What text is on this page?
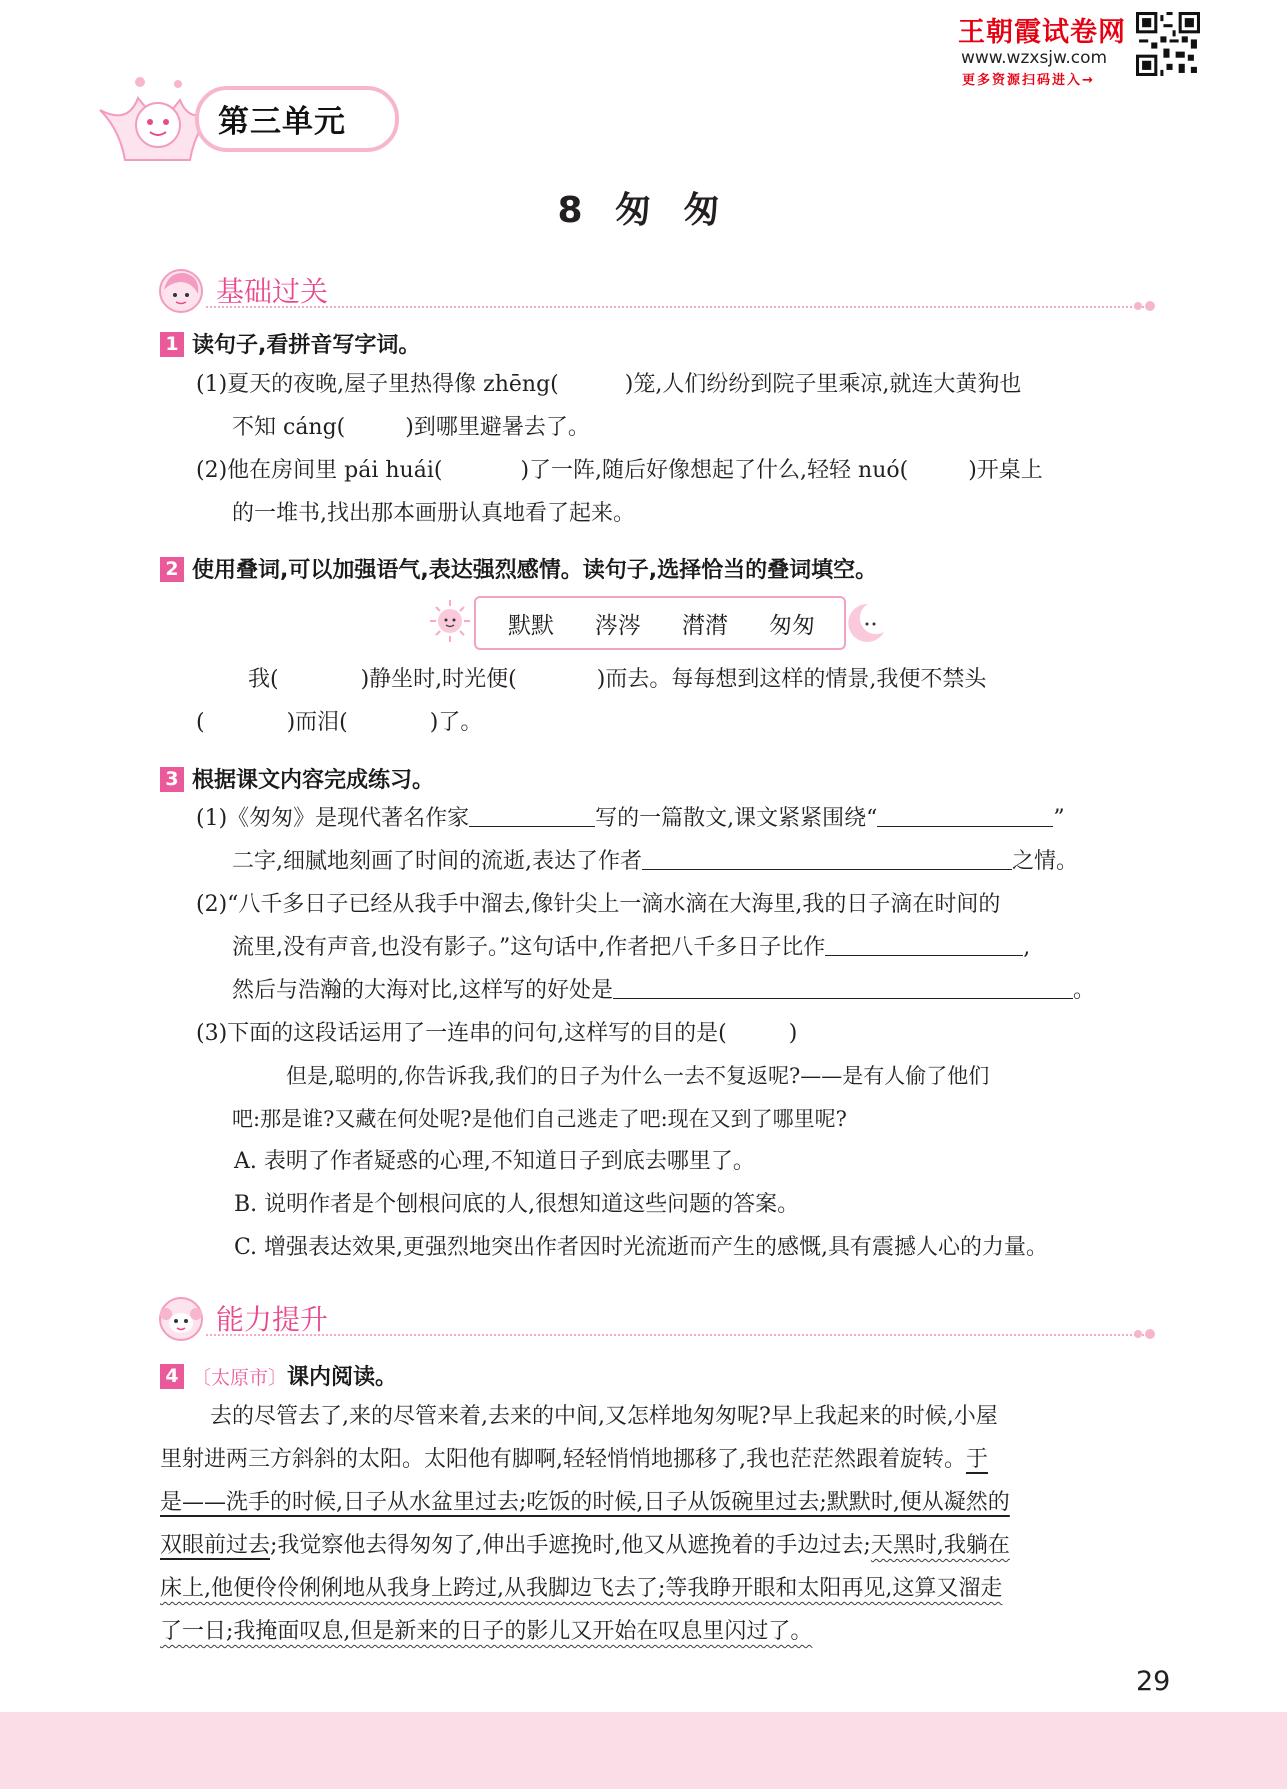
王朝霞试卷网
www.wzxsjw.com
更多资源扫码进入→
第三单元
8 匆 匆
基础过关
1 读句子,看拼音写字词。
(1)夏天的夜晚,屋子里热得像 zhēng(	)笼,人们纷纷到院子里乘凉,就连大黄狗也
不知 cáng(	)到哪里避暑去了。
(2)他在房间里 pái huái(	)了一阵,随后好像想起了什么,轻轻 nuó(	)开桌上
的一堆书,找出那本画册认真地看了起来。
2 使用叠词,可以加强语气,表达强烈感情。读句子,选择恰当的叠词填空。
默默 涔涔 潸潸 匆匆
我(	)静坐时,时光便(	)而去。每每想到这样的情景,我便不禁头
(	)而泪(	)了。
3 根据课文内容完成练习。
(1)《匆匆》是现代著名作家	写的一篇散文,课文紧紧围绕“	”
二字,细腻地刻画了时间的流逝,表达了作者	之情。
(2)“八千多日子已经从我手中溜去,像针尖上一滴水滴在大海里,我的日子滴在时间的
流里,没有声音,也没有影子。”这句话中,作者把八千多日子比作	,
然后与浩瀚的大海对比,这样写的好处是	。
(3)下面的这段话运用了一连串的问句,这样写的目的是(	)
但是,聪明的,你告诉我,我们的日子为什么一去不复返呢?——是有人偷了他们
吧:那是谁?又藏在何处呢?是他们自己逃走了吧:现在又到了哪里呢?
A. 表明了作者疑惑的心理,不知道日子到底去哪里了。
B. 说明作者是个刨根问底的人,很想知道这些问题的答案。
C. 增强表达效果,更强烈地突出作者因时光流逝而产生的感慨,具有震撼人心的力量。
能力提升
4 〔太原市〕课内阅读。
去的尽管去了,来的尽管来着,去来的中间,又怎样地匆匆呢?早上我起来的时候,小屋
里射进两三方斜斜的太阳。太阳他有脚啊,轻轻悄悄地挪移了,我也茫茫然跟着旋转。于
是——洗手的时候,日子从水盆里过去;吃饭的时候,日子从饭碗里过去;默默时,便从凝然的
双眼前过去;我觉察他去得匆匆了,伸出手遮挽时,他又从遮挽着的手边过去;天黑时,我躺在
床上,他便伶伶俐俐地从我身上跨过,从我脚边飞去了;等我睁开眼和太阳再见,这算又溜走
了一日;我掩面叹息,但是新来的日子的影儿又开始在叹息里闪过了。
29
